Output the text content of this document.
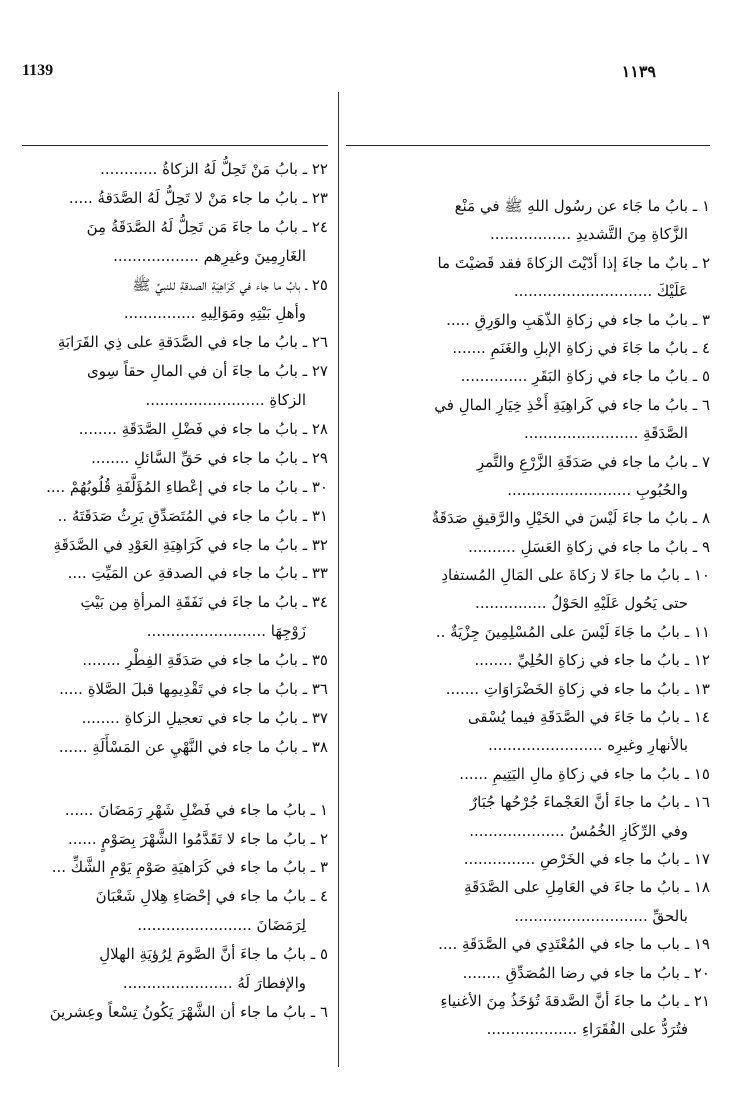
1139	١١٣٩
١ ـ بابُ ما جَاء عن رسُول اللهِ ﷺ في مَنْع
الزَّكاةِ مِنَ التَّشديدِ .................
٢ ـ بابٌ ما جاءَ إذا أدّيْتَ الزكاةَ فقد قَضيْتَ ما
عَلَيْكَ .............................
٣ ـ بابُ ما جاء في زكاةِ الذّهَبِ والوَرِقِ .....
٤ ـ بابُ ما جَاءَ في زكاةِ الإبلِ والغَنَمِ .......
٥ ـ بابُ ما جاء في زكاةِ البَقَرِ ..............
٦ ـ بابُ ما جاء في كَراهِيَةِ أَخْذِ خِيَارِ المالِ في
الصَّدَقَةِ ........................
٧ ـ بابُ ما جاء في صَدَقَةِ الزَّرْعِ والتَّمرِ
والحُبُوبِ ..........................
٨ ـ بابُ ما جاءَ لَيْسَ في الخَيْلِ والرَّقيقِ صَدَقَةٌ
٩ ـ بابُ ما جاء في زكاةِ العَسَلِ ..........
١٠ ـ بابُ ما جاءَ لا زكاةَ على المَالِ المُستفادِ
حتى يَحُول عَلَيْهِ الحَوْلُ ...............
١١ ـ بابُ ما جَاءَ لَيْسَ على المُسْلِمِينَ جِزْيَةٌ ..
١٢ ـ بابُ ما جاء في زكاةِ الحُلِيِّ ........
١٣ ـ بابُ ما جاء في زكاةِ الخَضْرَاوَاتِ .......
١٤ ـ بابُ ما جَاءَ في الصَّدَقَةِ فيما يُسْقى
بالأنهارِ وغيرِه ........................
١٥ ـ بابُ ما جاء في زكاةِ مالِ اليَتِيمِ ......
١٦ ـ بابُ ما جاءَ أنَّ العَجْماءَ جُرْحُها جُبَارٌ
وفي الرِّكَازِ الخُمُسُ ....................
١٧ ـ بابُ ما جاء في الخَرْصِ ...............
١٨ ـ بابُ ما جاءَ في العَامِلِ على الصَّدَقَةِ
بالحقِّ ............................
١٩ ـ باب ما جاء في المُعْتَدِي في الصَّدَقَةِ ....
٢٠ ـ بابُ ما جاء في رضا المُصَدِّقِ ........
٢١ ـ بابُ ما جاءَ أنَّ الصَّدقةَ تُؤخَذُ مِنَ الأغنياءِ
فتُرَدُّ على الفُقَرَاءِ ...................
٢٢ ـ بابُ مَنْ تَحِلُّ لَهُ الزكاةُ ............
٢٣ ـ بابُ ما جاء مَنْ لا تَحِلُّ لَهُ الصَّدَقةُ .....
٢٤ ـ بابُ ما جاءَ مَن تَحِلُّ لَهُ الصَّدَقَةُ مِنَ
الغَارِمِينَ وغيرِهم ..................
٢٥ ـ بابُ ما جاء في كَرَاهِيَةِ الصدقةِ للنبيِّ ﷺ
وأهلِ بَيْتِهِ ومَوَالِيهِ ...............
٢٦ ـ بابُ ما جاء في الصَّدَقةِ على ذِي القَرَابَةِ
٢٧ ـ بابُ ما جاءَ أن في المالِ حقاً سِوى
الزكاةِ .........................
٢٨ ـ بابُ ما جاء في فَضْلِ الصَّدَقَةِ ........
٢٩ ـ بابُ ما جاء في حَقِّ السَّائلِ ........
٣٠ ـ بابُ ما جاء في إعْطاءِ المُؤَلَّفَةِ قُلُوبُهُمْ ....
٣١ ـ بابُ ما جاء في المُتَصَدِّقِ يَرِثُ صَدَقَتَهُ ..
٣٢ ـ بابُ ما جاء في كَرَاهِيَةِ العَوْدِ في الصَّدَقَةِ
٣٣ ـ بابُ ما جاء في الصدقةِ عن المَيِّتِ ....
٣٤ ـ بابُ ما جاءَ في نَفَقَةِ المرأةِ مِن بَيْتِ
زَوْجِهَا .........................
٣٥ ـ بابُ ما جاء في صَدَقَةِ الفِطْرِ ........
٣٦ ـ بابُ ما جاء في تَقْدِيمِها قبلَ الصَّلاةِ .....
٣٧ ـ بابُ ما جاء في تعجيلِ الزكاةِ ........
٣٨ ـ بابُ ما جاء في النَّهْيِ عن المَسْأَلَةِ ......
١ ـ بابُ ما جاء في فَضْلِ شَهْرِ رَمَضَانَ ......
٢ ـ بابُ ما جاء لا تَقَدَّمُوا الشَّهْرَ بِصَوْمٍ ......
٣ ـ بابُ ما جاء في كَرَاهيَةِ صَوْمِ يَوْمِ الشَّكِّ ...
٤ ـ بابُ ما جاء في إحْصَاءِ هِلالِ شَعْبَانَ
لِرَمَضَانَ ........................
٥ ـ بابُ ما جاءَ أنَّ الصَّومَ لِرُؤيَةِ الهلالِ
والإفطارَ لَهُ .......................
٦ ـ بابُ ما جاء أن الشَّهْرَ يَكُونُ تِسْعاً وعِشرينَ
